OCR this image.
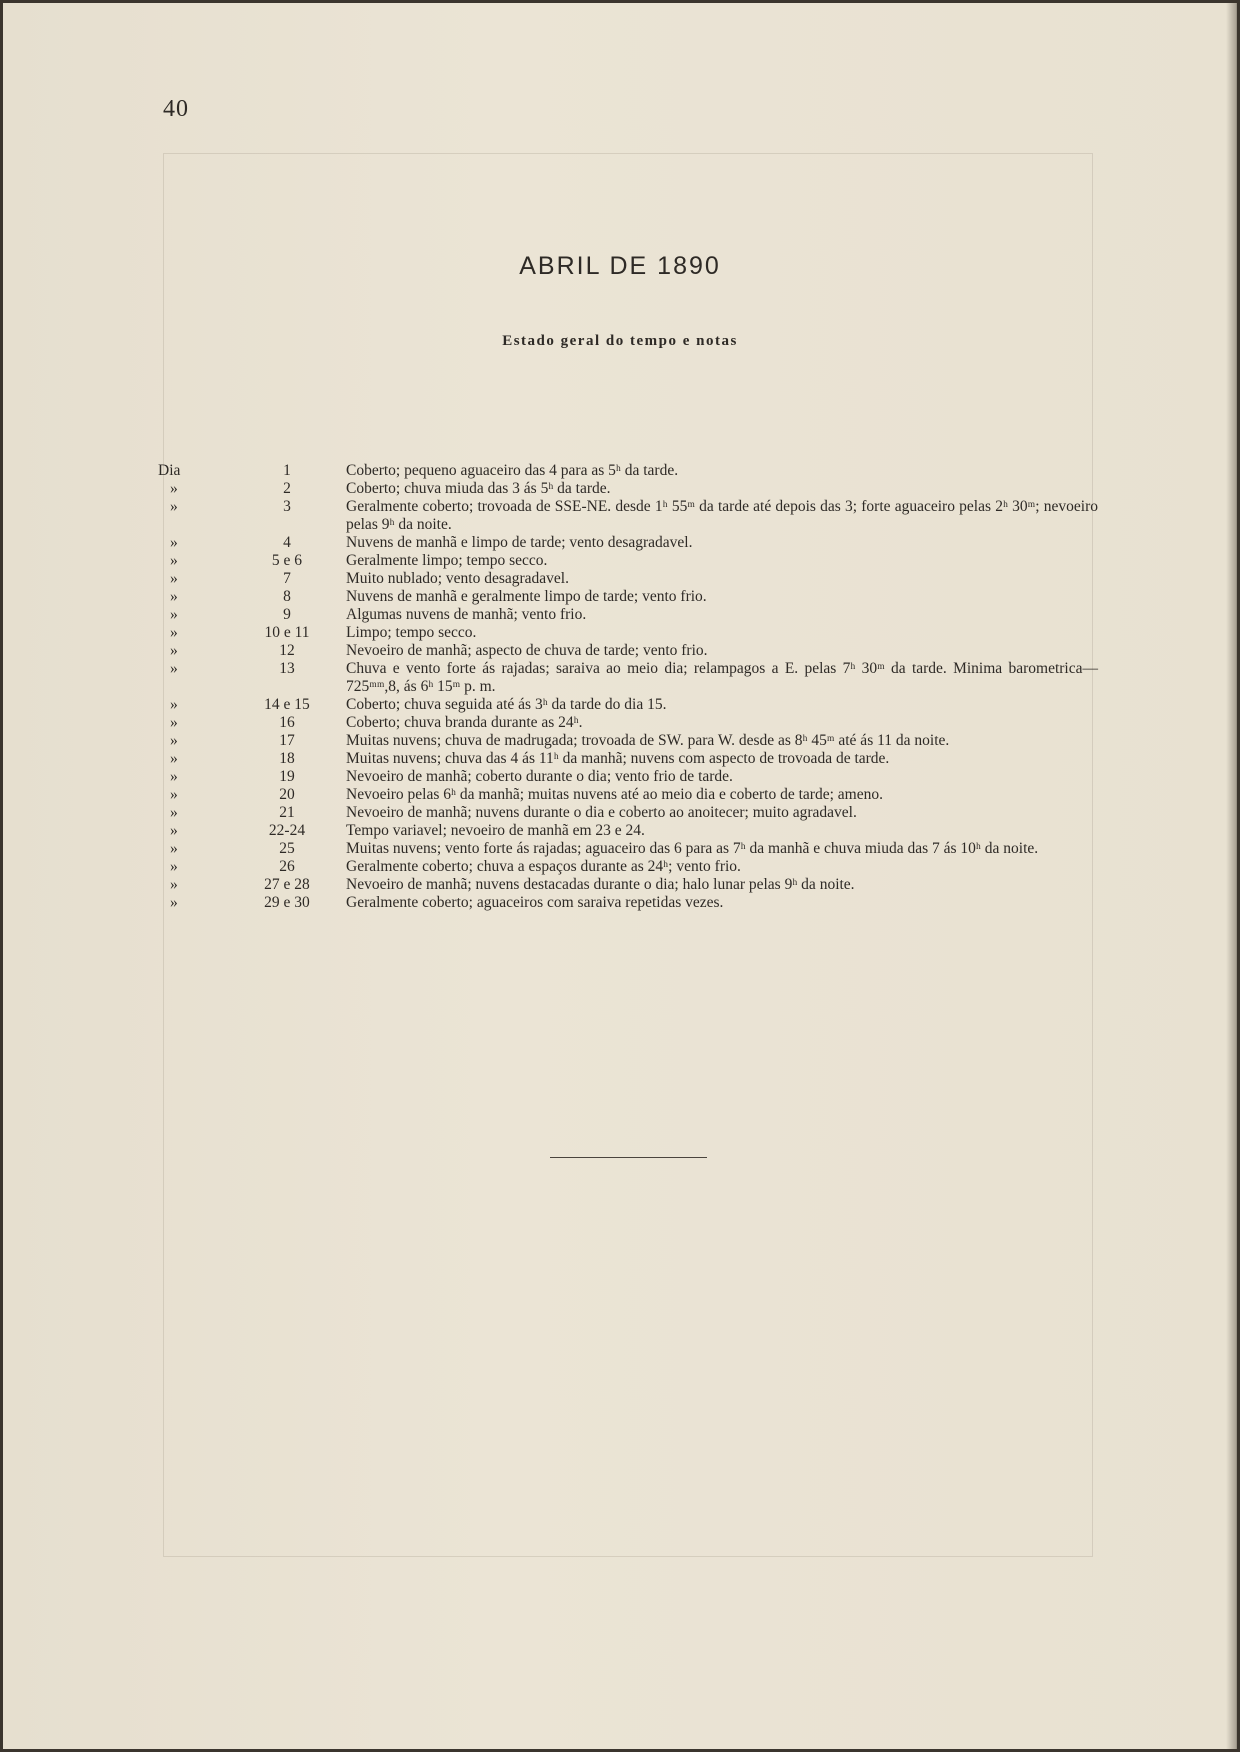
40
ABRIL DE 1890
Estado geral do tempo e notas
Dia	1	Coberto; pequeno aguaceiro das 4 para as 5ʰ da tarde.
»	2	Coberto; chuva miuda das 3 ás 5ʰ da tarde.
»	3	Geralmente coberto; trovoada de SSE-NE. desde 1ʰ 55ᵐ da tarde até depois das 3; forte aguaceiro pelas 2ʰ 30ᵐ; nevoeiro pelas 9ʰ da noite.
»	4	Nuvens de manhã e limpo de tarde; vento desagradavel.
»	5 e 6	Geralmente limpo; tempo secco.
»	7	Muito nublado; vento desagradavel.
»	8	Nuvens de manhã e geralmente limpo de tarde; vento frio.
»	9	Algumas nuvens de manhã; vento frio.
»	10 e 11	Limpo; tempo secco.
»	12	Nevoeiro de manhã; aspecto de chuva de tarde; vento frio.
»	13	Chuva e vento forte ás rajadas; saraiva ao meio dia; relampagos a E. pelas 7ʰ 30ᵐ da tarde. Minima barometrica—725ᵐᵐ,8, ás 6ʰ 15ᵐ p. m.
»	14 e 15	Coberto; chuva seguida até ás 3ʰ da tarde do dia 15.
»	16	Coberto; chuva branda durante as 24ʰ.
»	17	Muitas nuvens; chuva de madrugada; trovoada de SW. para W. desde as 8ʰ 45ᵐ até ás 11 da noite.
»	18	Muitas nuvens; chuva das 4 ás 11ʰ da manhã; nuvens com aspecto de trovoada de tarde.
»	19	Nevoeiro de manhã; coberto durante o dia; vento frio de tarde.
»	20	Nevoeiro pelas 6ʰ da manhã; muitas nuvens até ao meio dia e coberto de tarde; ameno.
»	21	Nevoeiro de manhã; nuvens durante o dia e coberto ao anoitecer; muito agradavel.
»	22-24	Tempo variavel; nevoeiro de manhã em 23 e 24.
»	25	Muitas nuvens; vento forte ás rajadas; aguaceiro das 6 para as 7ʰ da manhã e chuva miuda das 7 ás 10ʰ da noite.
»	26	Geralmente coberto; chuva a espaços durante as 24ʰ; vento frio.
»	27 e 28	Nevoeiro de manhã; nuvens destacadas durante o dia; halo lunar pelas 9ʰ da noite.
»	29 e 30	Geralmente coberto; aguaceiros com saraiva repetidas vezes.
